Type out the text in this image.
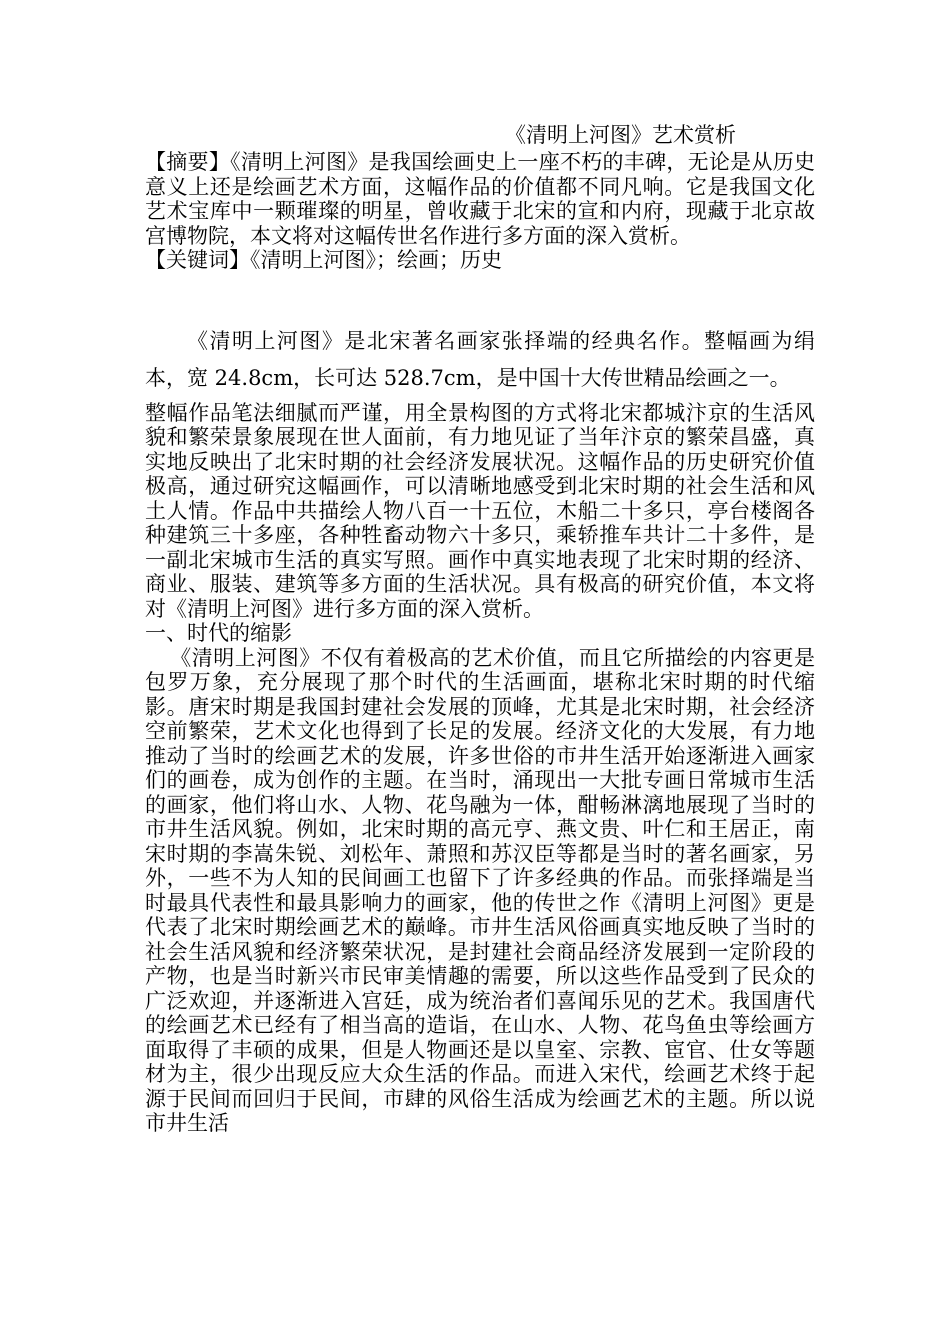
《清明上河图》艺术赏析
【摘要】《清明上河图》是我国绘画史上一座不朽的丰碑，无论是从历史意义上还是绘画艺术方面，这幅作品的价值都不同凡响。它是我国文化艺术宝库中一颗璀璨的明星，曾收藏于北宋的宣和内府，现藏于北京故宫博物院，本文将对这幅传世名作进行多方面的深入赏析。
【关键词】《清明上河图》；绘画；历史
《清明上河图》是北宋著名画家张择端的经典名作。整幅画为绢本，宽 24.8cm，长可达 528.7cm，是中国十大传世精品绘画之一。
整幅作品笔法细腻而严谨，用全景构图的方式将北宋都城汴京的生活风貌和繁荣景象展现在世人面前，有力地见证了当年汴京的繁荣昌盛，真实地反映出了北宋时期的社会经济发展状况。这幅作品的历史研究价值极高，通过研究这幅画作，可以清晰地感受到北宋时期的社会生活和风土人情。作品中共描绘人物八百一十五位，木船二十多只，亭台楼阁各种建筑三十多座，各种牲畜动物六十多只，乘轿推车共计二十多件，是一副北宋城市生活的真实写照。画作中真实地表现了北宋时期的经济、商业、服装、建筑等多方面的生活状况。具有极高的研究价值，本文将对《清明上河图》进行多方面的深入赏析。
一、时代的缩影
《清明上河图》不仅有着极高的艺术价值，而且它所描绘的内容更是包罗万象，充分展现了那个时代的生活画面，堪称北宋时期的时代缩影。唐宋时期是我国封建社会发展的顶峰，尤其是北宋时期，社会经济空前繁荣，艺术文化也得到了长足的发展。经济文化的大发展，有力地推动了当时的绘画艺术的发展，许多世俗的市井生活开始逐渐进入画家们的画卷，成为创作的主题。在当时，涌现出一大批专画日常城市生活的画家，他们将山水、人物、花鸟融为一体，酣畅淋漓地展现了当时的市井生活风貌。例如，北宋时期的高元亨、燕文贵、叶仁和王居正，南宋时期的李嵩朱锐、刘松年、萧照和苏汉臣等都是当时的著名画家，另外，一些不为人知的民间画工也留下了许多经典的作品。而张择端是当时最具代表性和最具影响力的画家，他的传世之作《清明上河图》更是代表了北宋时期绘画艺术的巅峰。市井生活风俗画真实地反映了当时的社会生活风貌和经济繁荣状况，是封建社会商品经济发展到一定阶段的产物，也是当时新兴市民审美情趣的需要，所以这些作品受到了民众的广泛欢迎，并逐渐进入宫廷，成为统治者们喜闻乐见的艺术。我国唐代的绘画艺术已经有了相当高的造诣，在山水、人物、花鸟鱼虫等绘画方面取得了丰硕的成果，但是人物画还是以皇室、宗教、宦官、仕女等题材为主，很少出现反应大众生活的作品。而进入宋代，绘画艺术终于起源于民间而回归于民间，市肆的风俗生活成为绘画艺术的主题。所以说市井生活
